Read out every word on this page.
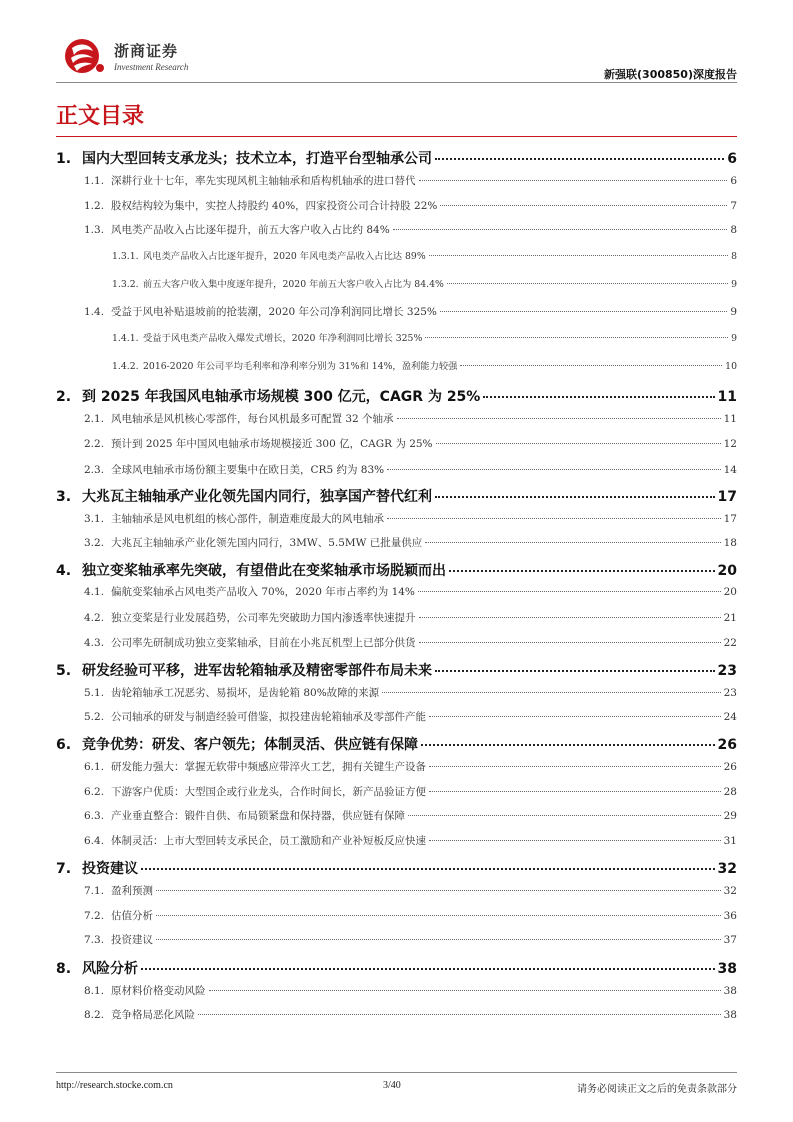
浙商证券
Investment Research
新强联(300850)深度报告
正文目录
1. 国内大型回转支承龙头；技术立本，打造平台型轴承公司	6
1.1. 深耕行业十七年，率先实现风机主轴轴承和盾构机轴承的进口替代	6
1.2. 股权结构较为集中，实控人持股约 40%，四家投资公司合计持股 22%	7
1.3. 风电类产品收入占比逐年提升，前五大客户收入占比约 84%	8
1.3.1. 风电类产品收入占比逐年提升，2020 年风电类产品收入占比达 89%	8
1.3.2. 前五大客户收入集中度逐年提升，2020 年前五大客户收入占比为 84.4%	9
1.4. 受益于风电补贴退坡前的抢装潮，2020 年公司净利润同比增长 325%	9
1.4.1. 受益于风电类产品收入爆发式增长，2020 年净利润同比增长 325%	9
1.4.2. 2016-2020 年公司平均毛利率和净利率分别为 31%和 14%，盈利能力较强	10
2. 到 2025 年我国风电轴承市场规模 300 亿元，CAGR 为 25%	11
2.1. 风电轴承是风机核心零部件，每台风机最多可配置 32 个轴承	11
2.2. 预计到 2025 年中国风电轴承市场规模接近 300 亿，CAGR 为 25%	12
2.3. 全球风电轴承市场份额主要集中在欧日美，CR5 约为 83%	14
3. 大兆瓦主轴轴承产业化领先国内同行，独享国产替代红利	17
3.1. 主轴轴承是风电机组的核心部件，制造难度最大的风电轴承	17
3.2. 大兆瓦主轴轴承产业化领先国内同行，3MW、5.5MW 已批量供应	18
4. 独立变桨轴承率先突破，有望借此在变桨轴承市场脱颖而出	20
4.1. 偏航变桨轴承占风电类产品收入 70%，2020 年市占率约为 14%	20
4.2. 独立变桨是行业发展趋势，公司率先突破助力国内渗透率快速提升	21
4.3. 公司率先研制成功独立变桨轴承，目前在小兆瓦机型上已部分供货	22
5. 研发经验可平移，进军齿轮箱轴承及精密零部件布局未来	23
5.1. 齿轮箱轴承工况恶劣、易损坏，是齿轮箱 80%故障的来源	23
5.2. 公司轴承的研发与制造经验可借鉴，拟投建齿轮箱轴承及零部件产能	24
6. 竞争优势：研发、客户领先；体制灵活、供应链有保障	26
6.1. 研发能力强大：掌握无软带中频感应带淬火工艺，拥有关键生产设备	26
6.2. 下游客户优质：大型国企或行业龙头，合作时间长，新产品验证方便	28
6.3. 产业垂直整合：锻件自供、布局锁紧盘和保持器，供应链有保障	29
6.4. 体制灵活：上市大型回转支承民企，员工激励和产业补短板反应快速	31
7. 投资建议	32
7.1. 盈利预测	32
7.2. 估值分析	36
7.3. 投资建议	37
8. 风险分析	38
8.1. 原材料价格变动风险	38
8.2. 竞争格局恶化风险	38
http://research.stocke.com.cn	3/40	请务必阅读正文之后的免责条款部分
